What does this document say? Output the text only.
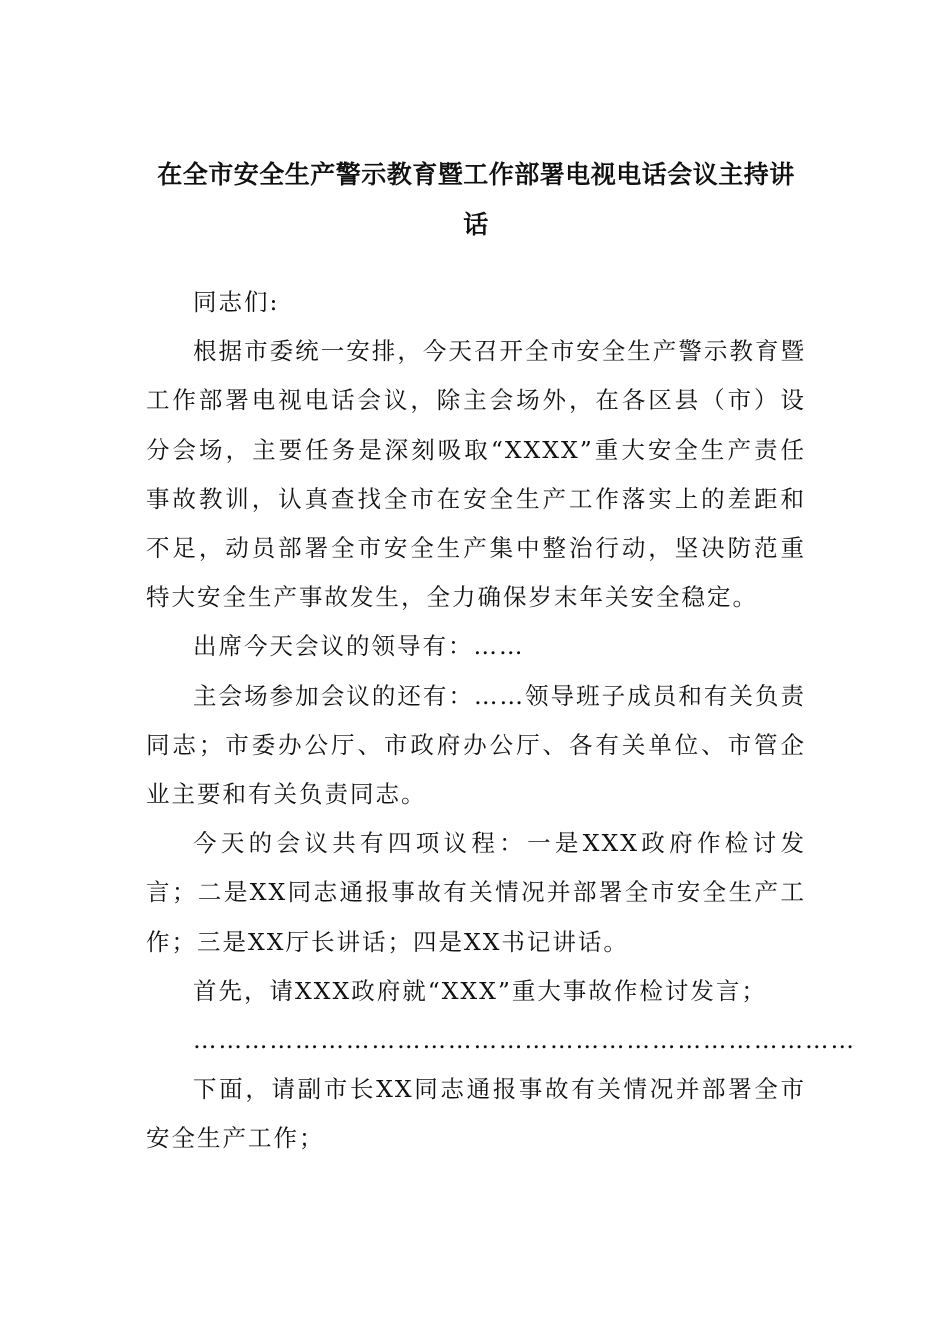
在全市安全生产警示教育暨工作部署电视电话会议主持讲话

同志们:

根据市委统一安排，今天召开全市安全生产警示教育暨工作部署电视电话会议，除主会场外，在各区县（市）设分会场，主要任务是深刻吸取“XXXX”重大安全生产责任事故教训，认真查找全市在安全生产工作落实上的差距和不足，动员部署全市安全生产集中整治行动，坚决防范重特大安全生产事故发生，全力确保岁末年关安全稳定。

出席今天会议的领导有：……

主会场参加会议的还有：……领导班子成员和有关负责同志；市委办公厅、市政府办公厅、各有关单位、市管企业主要和有关负责同志。

今天的会议共有四项议程：一是XXX政府作检讨发言；二是XX同志通报事故有关情况并部署全市安全生产工作；三是XX厅长讲话；四是XX书记讲话。

首先，请XXX政府就“XXX”重大事故作检讨发言；

……………………………………………………………………

下面，请副市长XX同志通报事故有关情况并部署全市安全生产工作；
